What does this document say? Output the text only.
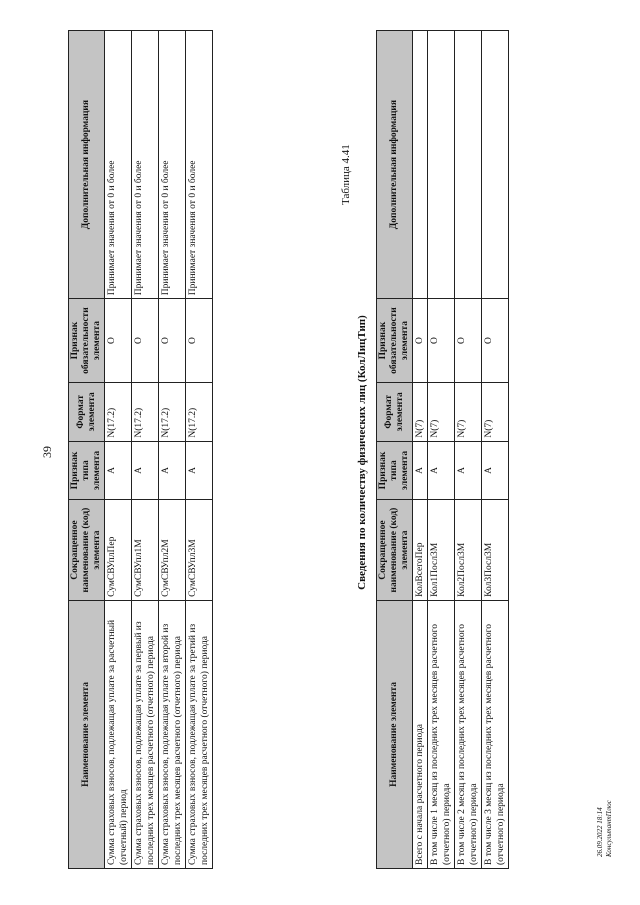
39
Наименование элемента	Сокращенное наименование (код) элемента	Признак типа элемента	Формат элемента	Признак обязательности элемента	Дополнительная информация
Сумма страховых взносов, подлежащая уплате за расчетный (отчетный) период	СумСВУплПер	А	N(17.2)	О	Принимает значения от 0 и более
Сумма страховых взносов, подлежащая уплате за первый из последних трех месяцев расчетного (отчетного) периода	СумСВУпл1М	А	N(17.2)	О	Принимает значения от 0 и более
Сумма страховых взносов, подлежащая уплате за второй из последних трех месяцев расчетного (отчетного) периода	СумСВУпл2М	А	N(17.2)	О	Принимает значения от 0 и более
Сумма страховых взносов, подлежащая уплате за третий из последних трех месяцев расчетного (отчетного) периода	СумСВУпл3М	А	N(17.2)	О	Принимает значения от 0 и более	Таблица 4.41
Сведения по количеству физических лиц (КолЛицТип)
Наименование элемента	Сокращенное наименование (код) элемента	Признак типа элемента	Формат элемента	Признак обязательности элемента	Дополнительная информация
Всего с начала расчетного периода	КолВсегоПер	А	N(7)	О	
В том числе 1 месяц из последних трех месяцев расчетного (отчетного) периода	Кол1Посл3М	А	N(7)	О	
В том числе 2 месяц из последних трех месяцев расчетного (отчетного) периода	Кол2Посл3М	А	N(7)	О	
В том числе 3 месяц из последних трех месяцев расчетного (отчетного) периода	Кол3Посл3М	А	N(7)	О	
26.09.2022 18:14 КонсультантПлюс
